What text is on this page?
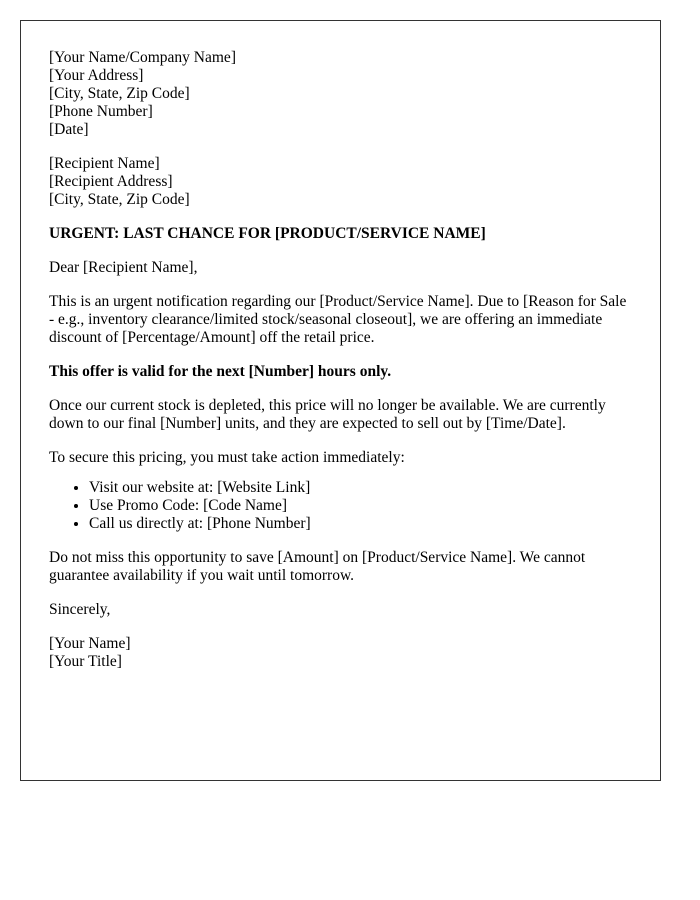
[Your Name/Company Name]
[Your Address]
[City, State, Zip Code]
[Phone Number]
[Date]
[Recipient Name]
[Recipient Address]
[City, State, Zip Code]

URGENT: LAST CHANCE FOR [PRODUCT/SERVICE NAME]

Dear [Recipient Name],

This is an urgent notification regarding our [Product/Service Name]. Due to [Reason for Sale - e.g., inventory clearance/limited stock/seasonal closeout], we are offering an immediate discount of [Percentage/Amount] off the retail price.

This offer is valid for the next [Number] hours only.

Once our current stock is depleted, this price will no longer be available. We are currently down to our final [Number] units, and they are expected to sell out by [Time/Date].

To secure this pricing, you must take action immediately:

• Visit our website at: [Website Link]
• Use Promo Code: [Code Name]
• Call us directly at: [Phone Number]

Do not miss this opportunity to save [Amount] on [Product/Service Name]. We cannot guarantee availability if you wait until tomorrow.

Sincerely,

[Your Name]
[Your Title]
